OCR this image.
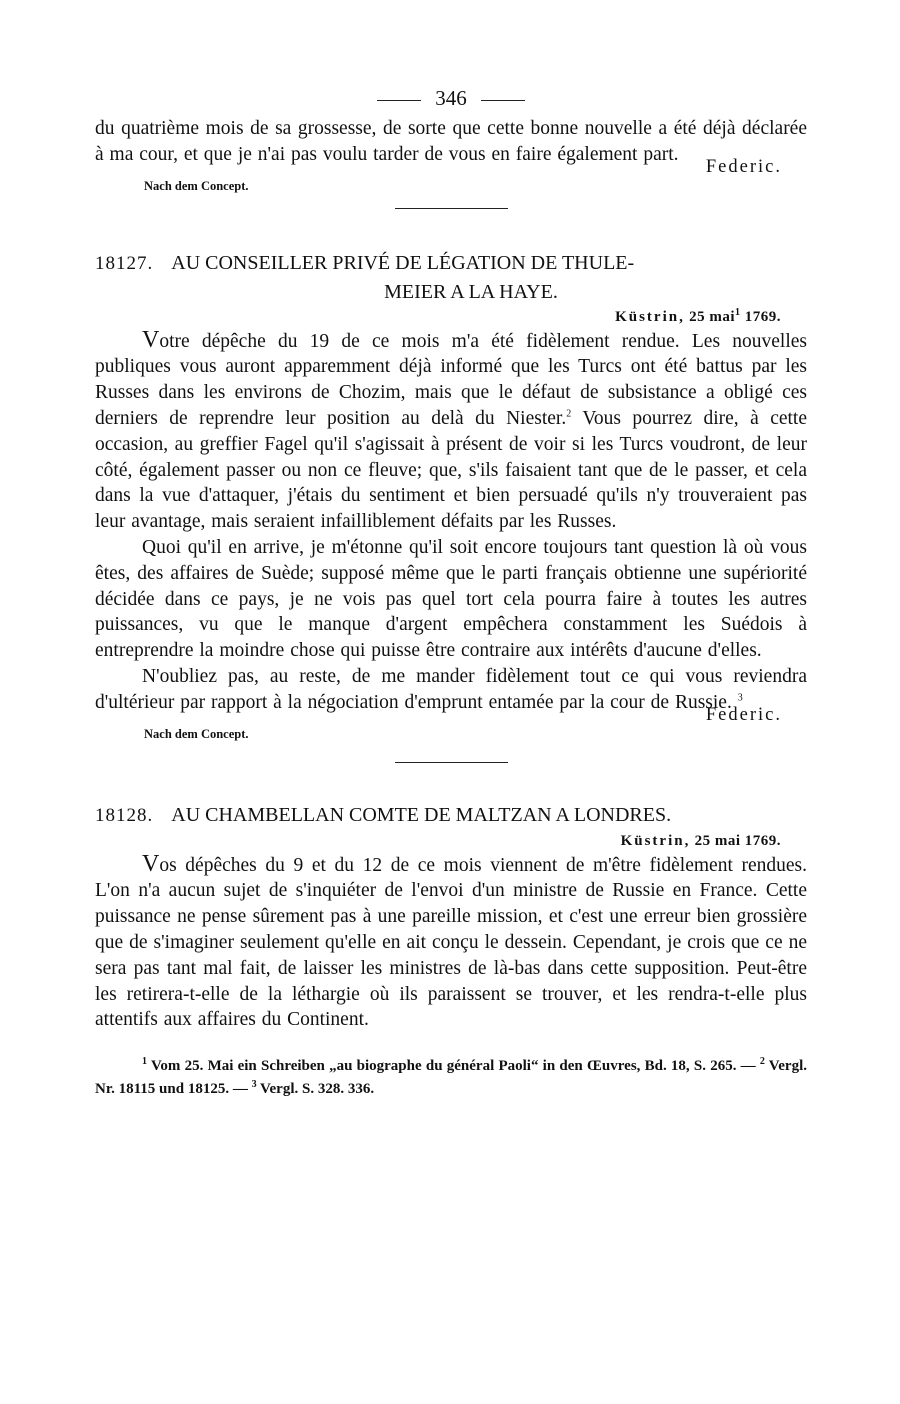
346

du quatrième mois de sa grossesse, de sorte que cette bonne nouvelle a été déjà déclarée à ma cour, et que je n'ai pas voulu tarder de vous en faire également part.

Federic.
Nach dem Concept.
18127. AU CONSEILLER PRIVÉ DE LÉGATION DE THULE-
MEIER A LA HAYE.
Küstrin, 25 mai$^1$ 1769.

Votre dépêche du 19 de ce mois m'a été fidèlement rendue. Les nouvelles publiques vous auront apparemment déjà informé que les Turcs ont été battus par les Russes dans les environs de Chozim, mais que le défaut de subsistance a obligé ces derniers de reprendre leur position au delà du Niester.$^2$ Vous pourrez dire, à cette occasion, au greffier Fagel qu'il s'agissait à présent de voir si les Turcs voudront, de leur côté, également passer ou non ce fleuve; que, s'ils faisaient tant que de le passer, et cela dans la vue d'attaquer, j'étais du sentiment et bien persuadé qu'ils n'y trouveraient pas leur avantage, mais seraient infailliblement défaits par les Russes.

Quoi qu'il en arrive, je m'étonne qu'il soit encore toujours tant question là où vous êtes, des affaires de Suède; supposé même que le parti français obtienne une supériorité décidée dans ce pays, je ne vois pas quel tort cela pourra faire à toutes les autres puissances, vu que le manque d'argent empêchera constamment les Suédois à entreprendre la moindre chose qui puisse être contraire aux intérêts d'aucune d'elles.

N'oubliez pas, au reste, de me mander fidèlement tout ce qui vous reviendra d'ultérieur par rapport à la négociation d'emprunt entamée par la cour de Russie. $^3$

Federic.
Nach dem Concept.
18128. AU CHAMBELLAN COMTE DE MALTZAN A LONDRES.
Küstrin, 25 mai 1769.

Vos dépêches du 9 et du 12 de ce mois viennent de m'être fidèlement rendues. L'on n'a aucun sujet de s'inquiéter de l'envoi d'un ministre de Russie en France. Cette puissance ne pense sûrement pas à une pareille mission, et c'est une erreur bien grossière que de s'imaginer seulement qu'elle en ait conçu le dessein. Cependant, je crois que ce ne sera pas tant mal fait, de laisser les ministres de là-bas dans cette supposition. Peut-être les retirera-t-elle de la léthargie où ils paraissent se trouver, et les rendra-t-elle plus attentifs aux affaires du Continent.

$^1$ Vom 25. Mai ein Schreiben „au biographe du général Paoli“ in den Œuvres, Bd. 18, S. 265. — $^2$ Vergl. Nr. 18115 und 18125. — $^3$ Vergl. S. 328. 336.
